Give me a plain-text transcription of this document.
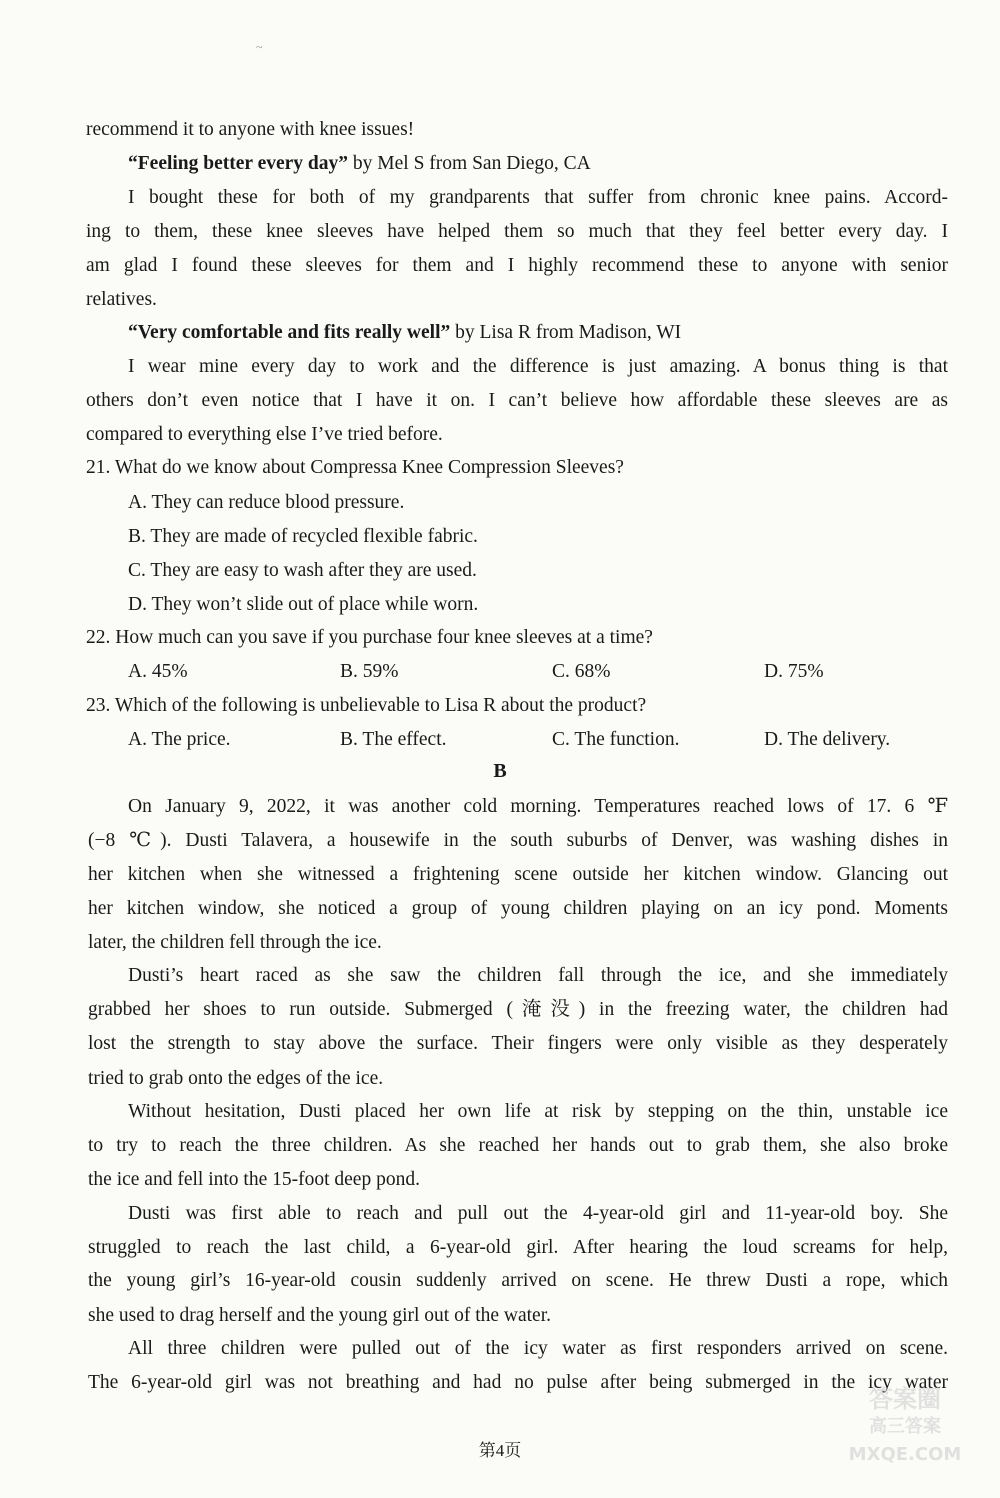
~
recommend it to anyone with knee issues!
“Feeling better every day” by Mel S from San Diego, CA
I bought these for both of my grandparents that suffer from chronic knee pains. Accord-
ing to them, these knee sleeves have helped them so much that they feel better every day. I
am glad I found these sleeves for them and I highly recommend these to anyone with senior
relatives.
“Very comfortable and fits really well” by Lisa R from Madison, WI
I wear mine every day to work and the difference is just amazing. A bonus thing is that
others don’t even notice that I have it on. I can’t believe how affordable these sleeves are as
compared to everything else I’ve tried before.
21. What do we know about Compressa Knee Compression Sleeves?
A. They can reduce blood pressure.
B. They are made of recycled flexible fabric.
C. They are easy to wash after they are used.
D. They won’t slide out of place while worn.
22. How much can you save if you purchase four knee sleeves at a time?
A. 45%	B. 59%	C. 68%	D. 75%
23. Which of the following is unbelievable to Lisa R about the product?
A. The price.	B. The effect.	C. The function.	D. The delivery.
B
On January 9, 2022, it was another cold morning. Temperatures reached lows of 17. 6 ℉
(−8 ℃). Dusti Talavera, a housewife in the south suburbs of Denver, was washing dishes in
her kitchen when she witnessed a frightening scene outside her kitchen window. Glancing out
her kitchen window, she noticed a group of young children playing on an icy pond. Moments
later, the children fell through the ice.
Dusti’s heart raced as she saw the children fall through the ice, and she immediately
grabbed her shoes to run outside. Submerged (淹没) in the freezing water, the children had
lost the strength to stay above the surface. Their fingers were only visible as they desperately
tried to grab onto the edges of the ice.
Without hesitation, Dusti placed her own life at risk by stepping on the thin, unstable ice
to try to reach the three children. As she reached her hands out to grab them, she also broke
the ice and fell into the 15-foot deep pond.
Dusti was first able to reach and pull out the 4-year-old girl and 11-year-old boy. She
struggled to reach the last child, a 6-year-old girl. After hearing the loud screams for help,
the young girl’s 16-year-old cousin suddenly arrived on scene. He threw Dusti a rope, which
she used to drag herself and the young girl out of the water.
All three children were pulled out of the icy water as first responders arrived on scene.
The 6-year-old girl was not breathing and had no pulse after being submerged in the icy water
第4页
答案圈
高三答案
MXQE.COM
